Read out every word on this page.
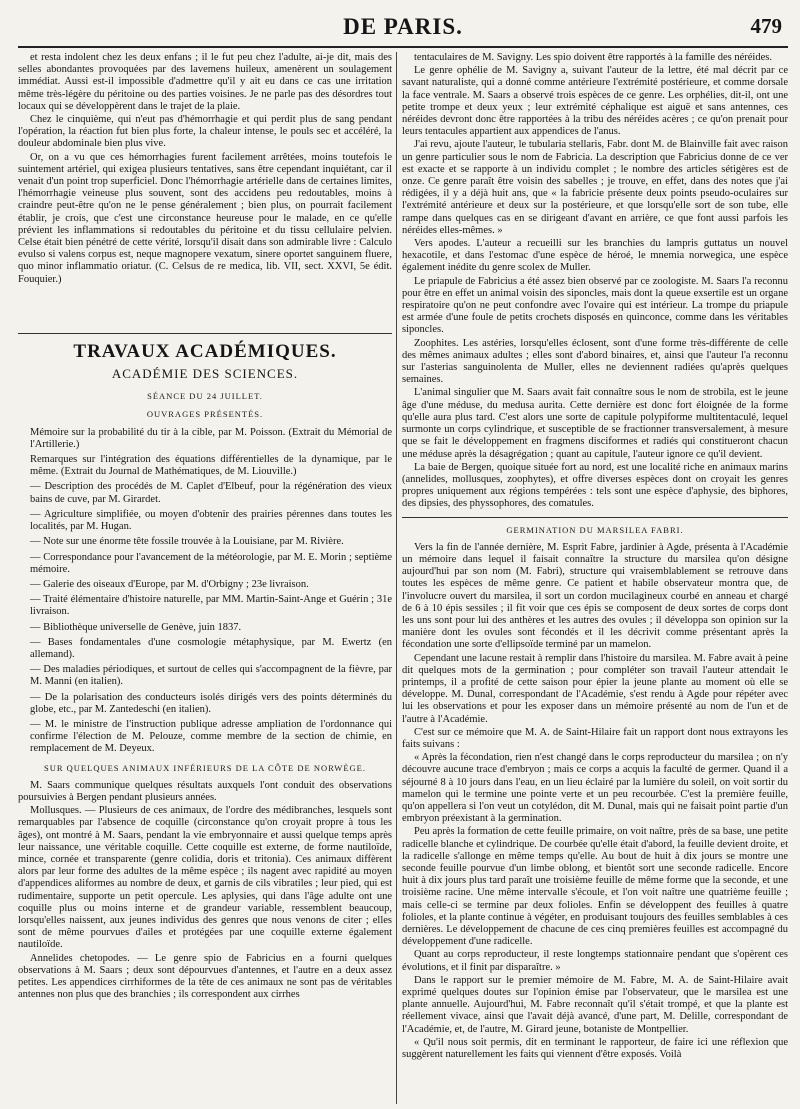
DE PARIS.	479

et resta indolent chez les deux enfans ; il le fut peu chez l'adulte, ai-je dit, mais des selles abondantes provoquées par des lavemens huileux, amenèrent un soulagement immédiat. Aussi est-il impossible d'admettre qu'il y ait eu dans ce cas une irritation même très-légère du péritoine ou des parties voisines. Je ne parle pas des désordres tout locaux qui se développèrent dans le trajet de la plaie.

Chez le cinquième, qui n'eut pas d'hémorrhagie et qui perdit plus de sang pendant l'opération, la réaction fut bien plus forte, la chaleur intense, le pouls sec et accéléré, la douleur abdominale bien plus vive.

Or, on a vu que ces hémorrhagies furent facilement arrêtées, moins toutefois le suintement artériel, qui exigea plusieurs tentatives, sans être cependant inquiétant, car il venait d'un point trop superficiel. Donc l'hémorrhagie artérielle dans de certaines limites, l'hémorrhagie veineuse plus souvent, sont des accidens peu redoutables, moins à craindre peut-être qu'on ne le pense généralement ; bien plus, on pourrait facilement établir, je crois, que c'est une circonstance heureuse pour le malade, en ce qu'elle prévient les inflammations si redoutables du péritoine et du tissu cellulaire pelvien. Celse était bien pénétré de cette vérité, lorsqu'il disait dans son admirable livre : Calculo evulso si valens corpus est, neque magnopere vexatum, sinere oportet sanguinem fluere, quo minor inflammatio oriatur. (C. Celsus de re medica, lib. VII, sect. XXVI, 5e édit. Fouquier.)

TRAVAUX ACADÉMIQUES.

ACADÉMIE DES SCIENCES.

SÉANCE DU 24 JUILLET.

OUVRAGES PRÉSENTÉS.

Mémoire sur la probabilité du tir à la cible, par M. Poisson. (Extrait du Mémorial de l'Artillerie.)

Remarques sur l'intégration des équations différentielles de la dynamique, par le même. (Extrait du Journal de Mathématiques, de M. Liouville.)

— Description des procédés de M. Caplet d'Elbeuf, pour la régénération des vieux bains de cuve, par M. Girardet.

— Agriculture simplifiée, ou moyen d'obtenir des prairies pérennes dans toutes les localités, par M. Hugan.

— Note sur une énorme tête fossile trouvée à la Louisiane, par M. Rivière.

— Correspondance pour l'avancement de la météorologie, par M. E. Morin ; septième mémoire.

— Galerie des oiseaux d'Europe, par M. d'Orbigny ; 23e livraison.

— Traité élémentaire d'histoire naturelle, par MM. Martin-Saint-Ange et Guérin ; 31e livraison.

— Bibliothèque universelle de Genève, juin 1837.

— Bases fondamentales d'une cosmologie métaphysique, par M. Ewertz (en allemand).

— Des maladies périodiques, et surtout de celles qui s'accompagnent de la fièvre, par M. Manni (en italien).

— De la polarisation des conducteurs isolés dirigés vers des points déterminés du globe, etc., par M. Zantedeschi (en italien).

— M. le ministre de l'instruction publique adresse ampliation de l'ordonnance qui confirme l'élection de M. Pelouze, comme membre de la section de chimie, en remplacement de M. Deyeux.

SUR QUELQUES ANIMAUX INFÉRIEURS DE LA CÔTE DE NORWÈGE.

M. Saars communique quelques résultats auxquels l'ont conduit des observations poursuivies à Bergen pendant plusieurs années.

Mollusques. — Plusieurs de ces animaux, de l'ordre des médibranches, lesquels sont remarquables par l'absence de coquille (circonstance qu'on croyait propre à tous les âges), ont montré à M. Saars, pendant la vie embryonnaire et aussi quelque temps après leur naissance, une véritable coquille. Cette coquille est externe, de forme nautiloïde, mince, cornée et transparente (genre colidia, doris et tritonia). Ces animaux diffèrent alors par leur forme des adultes de la même espèce ; ils nagent avec rapidité au moyen d'appendices aliformes au nombre de deux, et garnis de cils vibratiles ; leur pied, qui est rudimentaire, supporte un petit opercule. Les aplysies, qui dans l'âge adulte ont une coquille plus ou moins interne et de grandeur variable, ressemblent beaucoup, lorsqu'elles naissent, aux jeunes individus des genres que nous venons de citer ; elles sont de même pourvues d'ailes et protégées par une coquille externe également nautiloïde.

Annelides chetopodes. — Le genre spio de Fabricius en a fourni quelques observations à M. Saars ; deux sont dépourvues d'antennes, et l'autre en a deux assez petites. Les appendices cirrhiformes de la tête de ces animaux ne sont pas de véritables antennes non plus que des branchies ; ils correspondent aux cirrhes

tentaculaires de M. Savigny. Les spio doivent être rapportés à la famille des néréides.

Le genre ophélie de M. Savigny a, suivant l'auteur de la lettre, été mal décrit par ce savant naturaliste, qui a donné comme antérieure l'extrémité postérieure, et comme dorsale la face ventrale. M. Saars a observé trois espèces de ce genre. Les orphélies, dit-il, ont une petite trompe et deux yeux ; leur extrémité céphalique est aiguë et sans antennes, ces néréides devront donc être rapportées à la tribu des néréides acères ; ce qu'on prenait pour leurs tentacules appartient aux appendices de l'anus.

J'ai revu, ajoute l'auteur, le tubularia stellaris, Fabr. dont M. de Blainville fait avec raison un genre particulier sous le nom de Fabricia. La description que Fabricius donne de ce ver est exacte et se rapporte à un individu complet ; le nombre des articles sétigères est de onze. Ce genre paraît être voisin des sabelles ; je trouve, en effet, dans des notes que j'ai rédigées, il y a déjà huit ans, que « la fabricie présente deux points pseudo-oculaires sur l'extrémité antérieure et deux sur la postérieure, et que lorsqu'elle sort de son tube, elle rampe dans quelques cas en se dirigeant d'avant en arrière, ce que font aussi parfois les néréides elles-mêmes. »

Vers apodes. L'auteur a recueilli sur les branchies du lampris guttatus un nouvel hexacotile, et dans l'estomac d'une espèce de héroé, le mnemia norwegica, une espèce également inédite du genre scolex de Muller.

Le priapule de Fabricius a été assez bien observé par ce zoologiste. M. Saars l'a reconnu pour être en effet un animal voisin des siponcles, mais dont la queue exsertile est un organe respiratoire qu'on ne peut confondre avec l'ovaire qui est intérieur. La trompe du priapule est armée d'une foule de petits crochets disposés en quinconce, comme dans les véritables siponcles.

Zoophites. Les astéries, lorsqu'elles éclosent, sont d'une forme très-différente de celle des mêmes animaux adultes ; elles sont d'abord binaires, et, ainsi que l'auteur l'a reconnu sur l'asterias sanguinolenta de Muller, elles ne deviennent radiées qu'après quelques semaines.

L'animal singulier que M. Saars avait fait connaître sous le nom de strobila, est le jeune âge d'une méduse, du medusa aurita. Cette dernière est donc fort éloignée de la forme qu'elle aura plus tard. C'est alors une sorte de capitule polypiforme multitentaculé, lequel surmonte un corps cylindrique, et susceptible de se fractionner transversalement, à mesure que se fait le développement en fragmens disciformes et radiés qui constitueront chacun une méduse après la désagrégation ; quant au capitule, l'auteur ignore ce qu'il devient.

La baie de Bergen, quoique située fort au nord, est une localité riche en animaux marins (annelides, mollusques, zoophytes), et offre diverses espèces dont on croyait les genres propres uniquement aux régions tempérées : tels sont une espèce d'aphysie, des biphores, des dipsies, des physsophores, des comatules.

GERMINATION DU MARSILEA FABRI.

Vers la fin de l'année dernière, M. Esprit Fabre, jardinier à Agde, présenta à l'Académie un mémoire dans lequel il faisait connaître la structure du marsilea qu'on désigne aujourd'hui par son nom (M. Fabri), structure qui vraisemblablement se retrouve dans toutes les espèces de même genre. Ce patient et habile observateur montra que, de l'involucre ouvert du marsilea, il sort un cordon mucilagineux courbé en anneau et chargé de 6 à 10 épis sessiles ; il fit voir que ces épis se composent de deux sortes de corps dont les uns sont pour lui des anthères et les autres des ovules ; il développa son opinion sur la manière dont les ovules sont fécondés et il les décrivit comme présentant après la fécondation une sorte d'ellipsoïde terminé par un mamelon.

Cependant une lacune restait à remplir dans l'histoire du marsilea. M. Fabre avait à peine dit quelques mots de la germination ; pour compléter son travail l'auteur attendait le printemps, il a profité de cette saison pour épier la jeune plante au moment où elle se développe. M. Dunal, correspondant de l'Académie, s'est rendu à Agde pour répéter avec lui les observations et pour les exposer dans un mémoire présenté au nom de l'un et de l'autre à l'Académie.

C'est sur ce mémoire que M. A. de Saint-Hilaire fait un rapport dont nous extrayons les faits suivans :

« Après la fécondation, rien n'est changé dans le corps reproducteur du marsilea ; on n'y découvre aucune trace d'embryon ; mais ce corps a acquis la faculté de germer. Quand il a séjourné 8 à 10 jours dans l'eau, en un lieu éclairé par la lumière du soleil, on voit sortir du mamelon qui le termine une pointe verte et un peu recourbée. C'est la première feuille, qu'on appellera si l'on veut un cotylédon, dit M. Dunal, mais qui ne faisait point partie d'un embryon préexistant à la germination.

Peu après la formation de cette feuille primaire, on voit naître, près de sa base, une petite radicelle blanche et cylindrique. De courbée qu'elle était d'abord, la feuille devient droite, et la radicelle s'allonge en même temps qu'elle. Au bout de huit à dix jours se montre une seconde feuille pourvue d'un limbe oblong, et bientôt sort une seconde radicelle. Encore huit à dix jours plus tard paraît une troisième feuille de même forme que la seconde, et une troisième racine. Une même intervalle s'écoule, et l'on voit naître une quatrième feuille ; mais celle-ci se termine par deux folioles. Enfin se développent des feuilles à quatre folioles, et la plante continue à végéter, en produisant toujours des feuilles semblables à ces dernières. Le développement de chacune de ces cinq premières feuilles est accompagné du développement d'une radicelle.

Quant au corps reproducteur, il reste longtemps stationnaire pendant que s'opèrent ces évolutions, et il finit par disparaître. »

Dans le rapport sur le premier mémoire de M. Fabre, M. A. de Saint-Hilaire avait exprimé quelques doutes sur l'opinion émise par l'observateur, que le marsilea est une plante annuelle. Aujourd'hui, M. Fabre reconnaît qu'il s'était trompé, et que la plante est réellement vivace, ainsi que l'avait déjà avancé, d'une part, M. Delille, correspondant de l'Académie, et, de l'autre, M. Girard jeune, botaniste de Montpellier.

« Qu'il nous soit permis, dit en terminant le rapporteur, de faire ici une réflexion que suggèrent naturellement les faits qui viennent d'être exposés. Voilà
